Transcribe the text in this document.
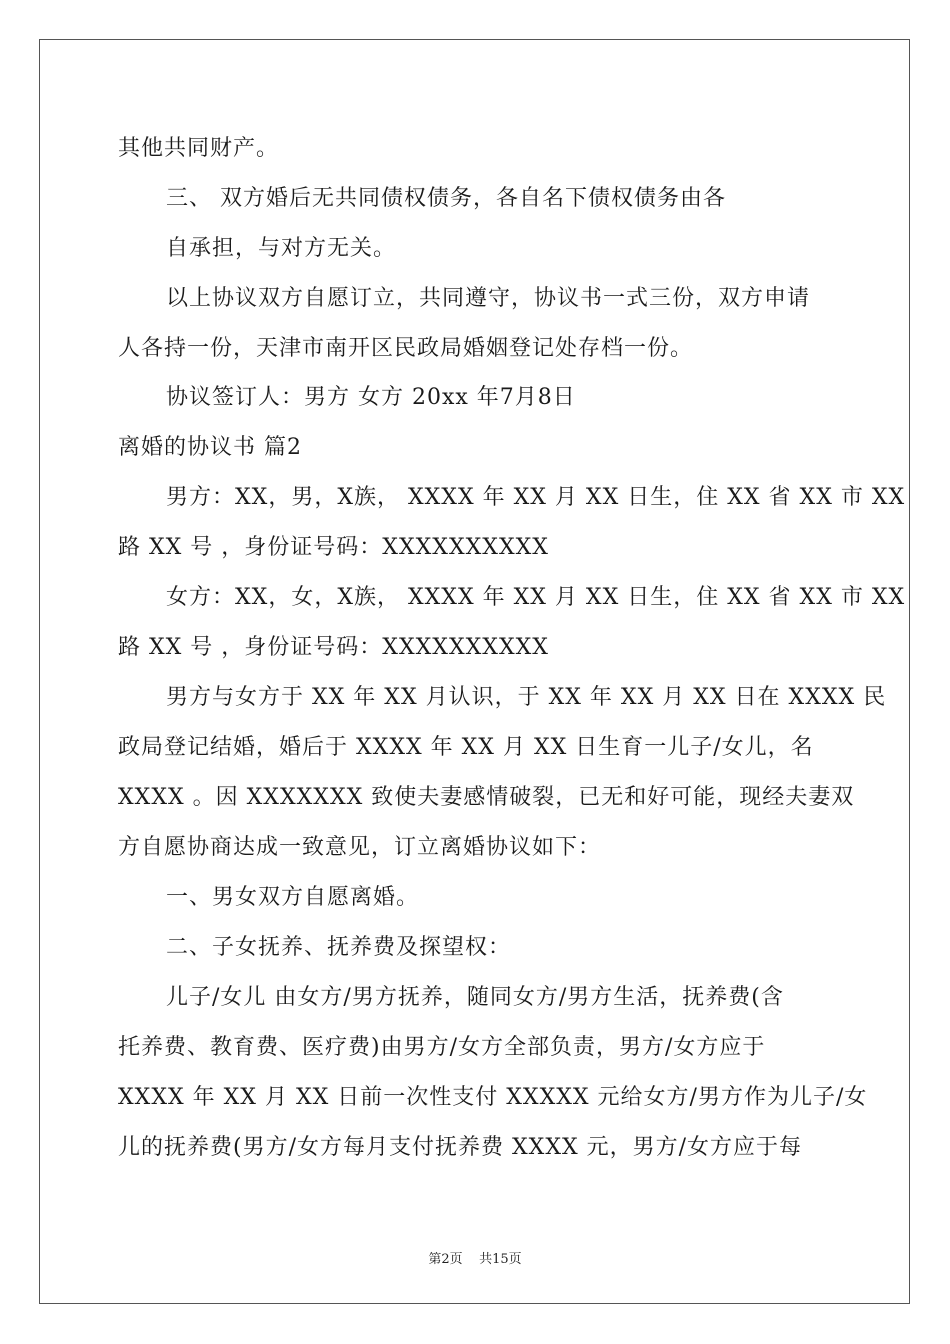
其他共同财产。
三、 双方婚后无共同债权债务，各自名下债权债务由各
自承担，与对方无关。
以上协议双方自愿订立，共同遵守，协议书一式三份，双方申请
人各持一份，天津市南开区民政局婚姻登记处存档一份。
协议签订人：男方 女方 20xx 年7月8日
离婚的协议书 篇2
男方：XX，男，X族， XXXX 年 XX 月 XX 日生，住 XX 省 XX 市 XX
路 XX 号 ，身份证号码：XXXXXXXXXX
女方：XX，女，X族， XXXX 年 XX 月 XX 日生，住 XX 省 XX 市 XX
路 XX 号 ，身份证号码：XXXXXXXXXX
男方与女方于 XX 年 XX 月认识，于 XX 年 XX 月 XX 日在 XXXX 民
政局登记结婚，婚后于 XXXX 年 XX 月 XX 日生育一儿子/女儿，名
XXXX 。因 XXXXXXX 致使夫妻感情破裂，已无和好可能，现经夫妻双
方自愿协商达成一致意见，订立离婚协议如下：
一、男女双方自愿离婚。
二、子女抚养、抚养费及探望权：
儿子/女儿 由女方/男方抚养，随同女方/男方生活，抚养费(含
托养费、教育费、医疗费)由男方/女方全部负责，男方/女方应于
XXXX 年 XX 月 XX 日前一次性支付 XXXXX 元给女方/男方作为儿子/女
儿的抚养费(男方/女方每月支付抚养费 XXXX 元，男方/女方应于每
第2页    共15页
